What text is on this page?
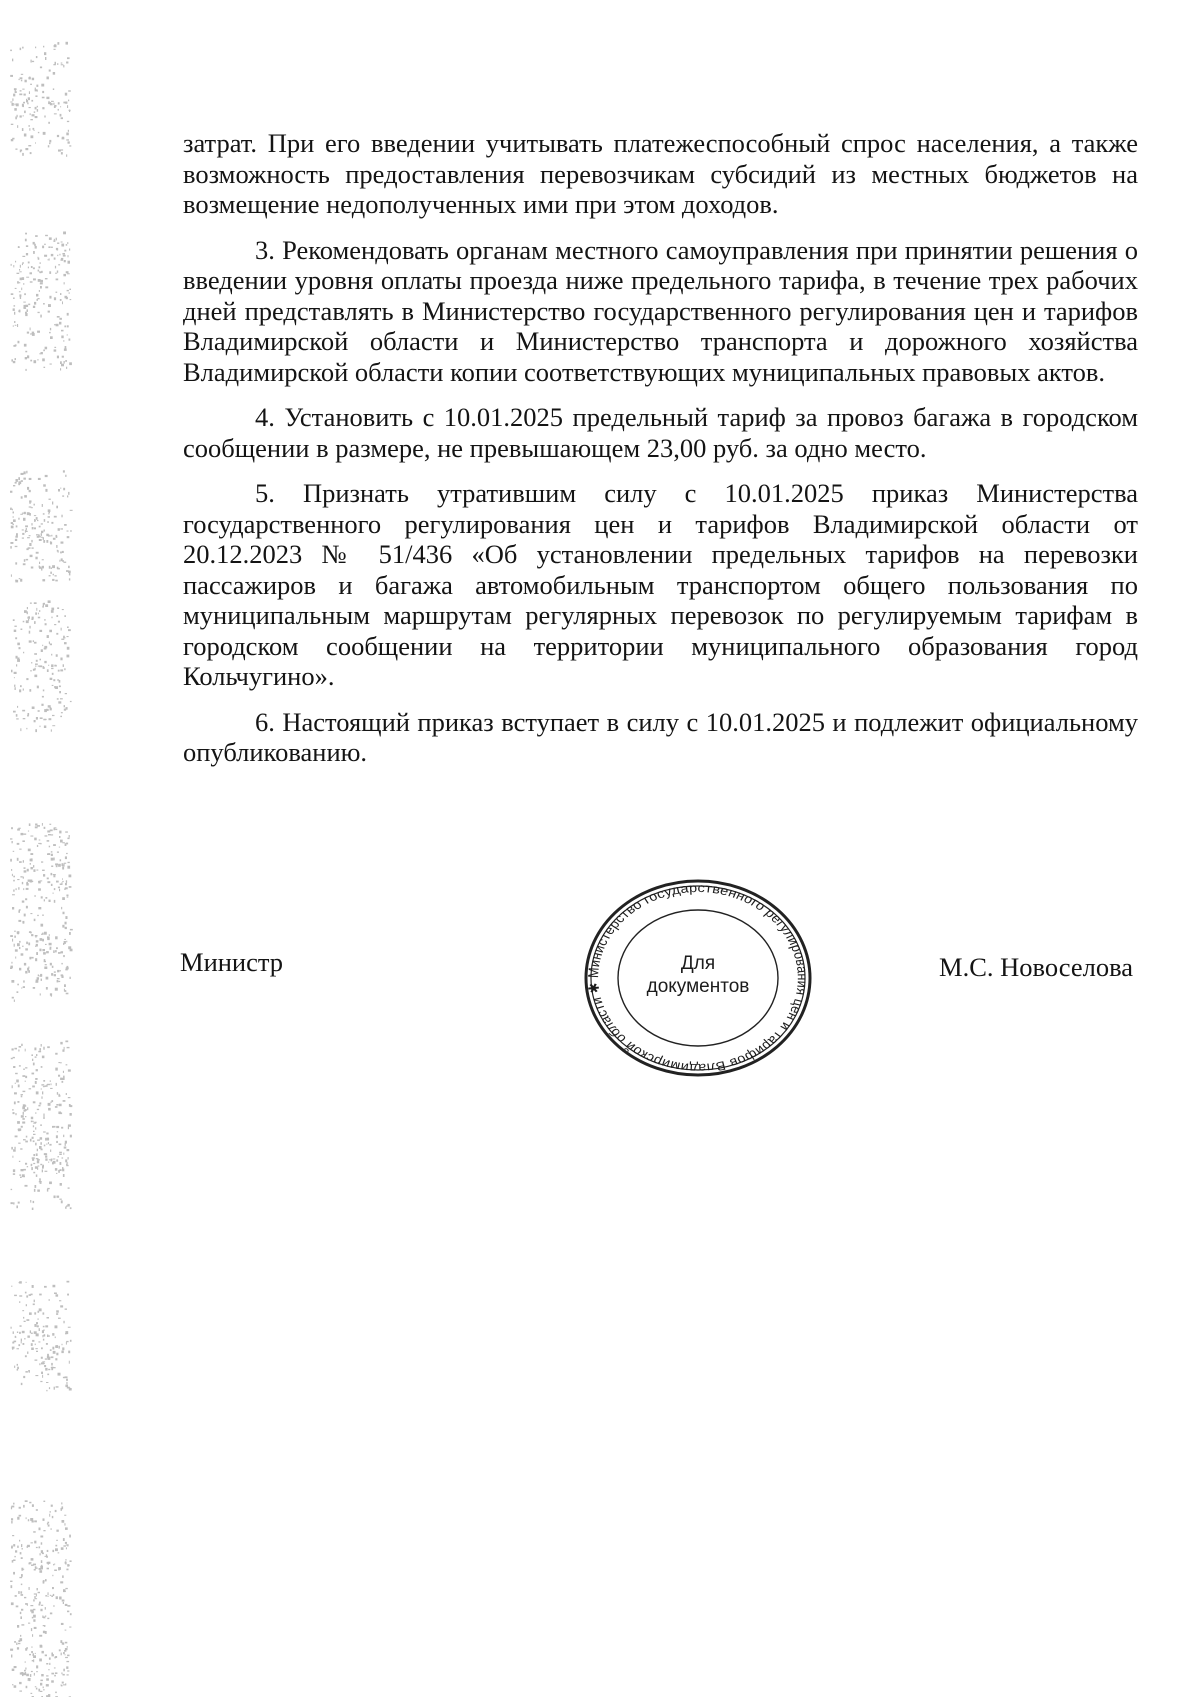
затрат. При его введении учитывать платежеспособный спрос населения, а также возможность предоставления перевозчикам субсидий из местных бюджетов на возмещение недополученных ими при этом доходов.

3. Рекомендовать органам местного самоуправления при принятии решения о введении уровня оплаты проезда ниже предельного тарифа, в течение трех рабочих дней представлять в Министерство государственного регулирования цен и тарифов Владимирской области и Министерство транспорта и дорожного хозяйства Владимирской области копии соответствующих муниципальных правовых актов.

4. Установить с 10.01.2025 предельный тариф за провоз багажа в городском сообщении в размере, не превышающем 23,00 руб. за одно место.

5. Признать утратившим силу с 10.01.2025 приказ Министерства государственного регулирования цен и тарифов Владимирской области от 20.12.2023 № 51/436 «Об установлении предельных тарифов на перевозки пассажиров и багажа автомобильным транспортом общего пользования по муниципальным маршрутам регулярных перевозок по регулируемым тарифам в городском сообщении на территории муниципального образования город Кольчугино».

6. Настоящий приказ вступает в силу с 10.01.2025 и подлежит официальному опубликованию.

Министр	Министерство государственного регулирования цен и тарифов Владимирской области ✱
Для
документов
М.С. Новоселова
